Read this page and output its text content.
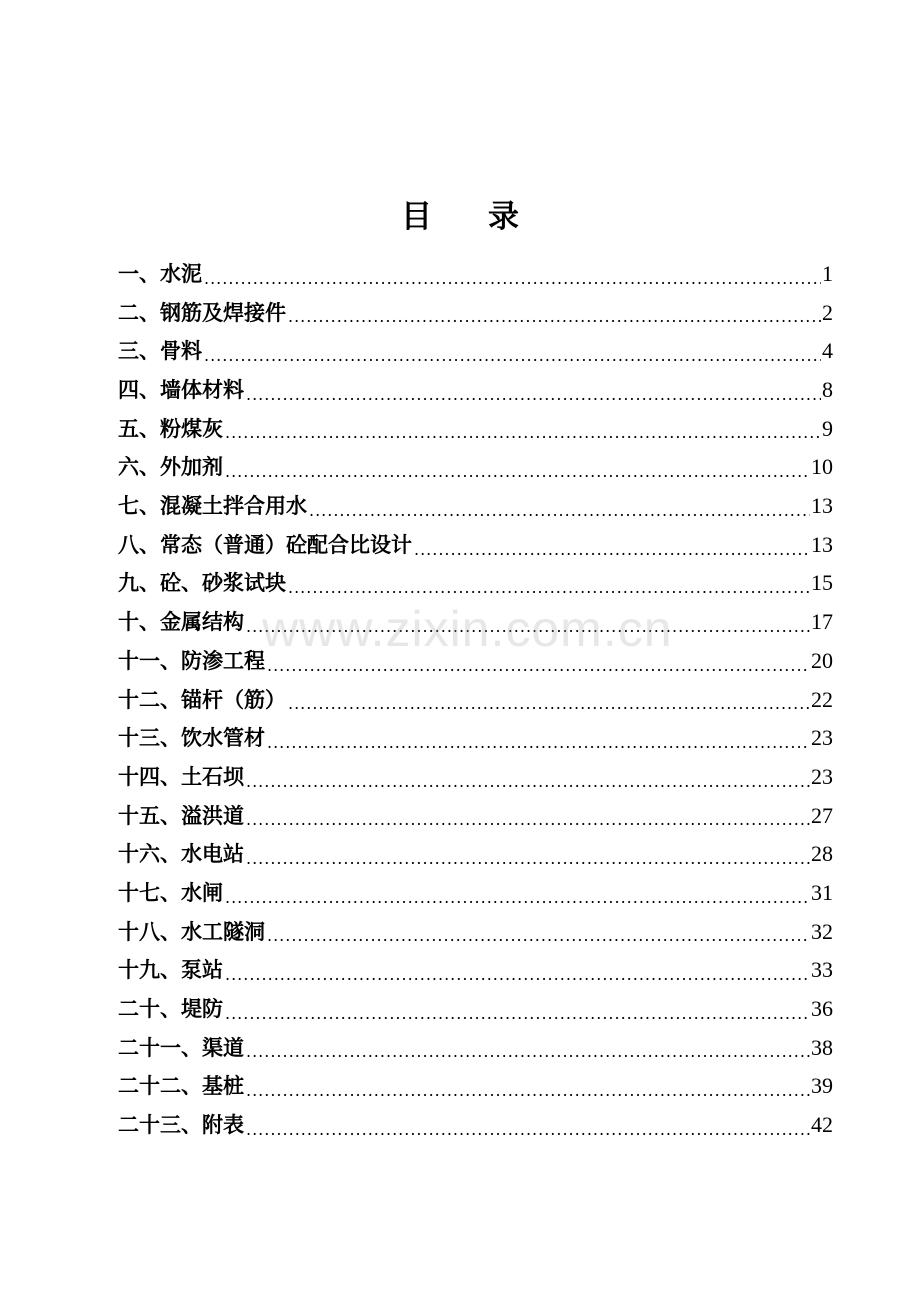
目 录
一、水泥 .....	1
二、钢筋及焊接件 .....	2
三、骨料 .....	4
四、墙体材料 .....	8
五、粉煤灰 .....	9
六、外加剂 .....	10
七、混凝土拌合用水 .....	13
八、常态（普通）砼配合比设计 .....	13
九、砼、砂浆试块 .....	15
十、金属结构 .....	17
十一、防渗工程 .....	20
十二、锚杆（筋） .....	22
十三、饮水管材 .....	23
十四、土石坝 .....	23
十五、溢洪道 .....	27
十六、水电站 .....	28
十七、水闸 .....	31
十八、水工隧洞 .....	32
十九、泵站 .....	33
二十、堤防 .....	36
二十一、渠道 .....	38
二十二、基桩 .....	39
二十三、附表 .....	42
www.zixin.com.cn
